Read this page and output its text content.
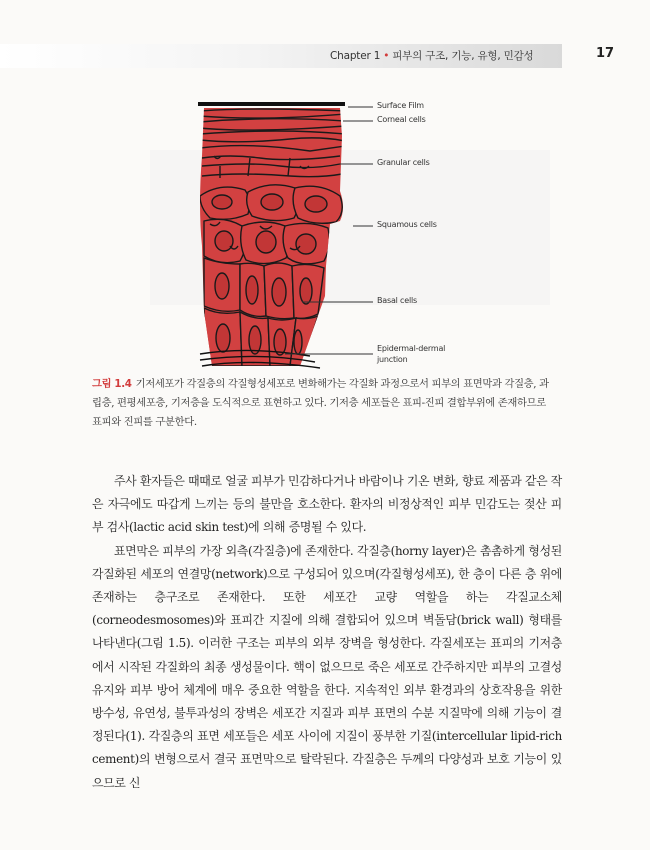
Chapter 1 • 피부의 구조, 기능, 유형, 민감성	17
Surface Film
Corneal cells
Granular cells
Squamous cells
Basal cells
Epidermal-dermal
junction
그림 1.4 기저세포가 각질층의 각질형성세포로 변화해가는 각질화 과정으로서 피부의 표면막과 각질층, 과립층, 편평세포층, 기저층을 도식적으로 표현하고 있다. 기저층 세포들은 표피-진피 결합부위에 존재하므로 표피와 진피를 구분한다.

주사 환자들은 때때로 얼굴 피부가 민감하다거나 바람이나 기온 변화, 향료 제품과 같은 작은 자극에도 따갑게 느끼는 등의 불만을 호소한다. 환자의 비정상적인 피부 민감도는 젖산 피부 검사(lactic acid skin test)에 의해 증명될 수 있다.

표면막은 피부의 가장 외측(각질층)에 존재한다. 각질층(horny layer)은 촘촘하게 형성된 각질화된 세포의 연결망(network)으로 구성되어 있으며(각질형성세포), 한 층이 다른 층 위에 존재하는 층구조로 존재한다. 또한 세포간 교량 역할을 하는 각질교소체(corneodesmosomes)와 표피간 지질에 의해 결합되어 있으며 벽돌담(brick wall) 형태를 나타낸다(그림 1.5). 이러한 구조는 피부의 외부 장벽을 형성한다. 각질세포는 표피의 기저층에서 시작된 각질화의 최종 생성물이다. 핵이 없으므로 죽은 세포로 간주하지만 피부의 고결성 유지와 피부 방어 체계에 매우 중요한 역할을 한다. 지속적인 외부 환경과의 상호작용을 위한 방수성, 유연성, 불투과성의 장벽은 세포간 지질과 피부 표면의 수분 지질막에 의해 기능이 결정된다(1). 각질층의 표면 세포들은 세포 사이에 지질이 풍부한 기질(intercellular lipid-rich cement)의 변형으로서 결국 표면막으로 탈락된다. 각질층은 두께의 다양성과 보호 기능이 있으므로 신
